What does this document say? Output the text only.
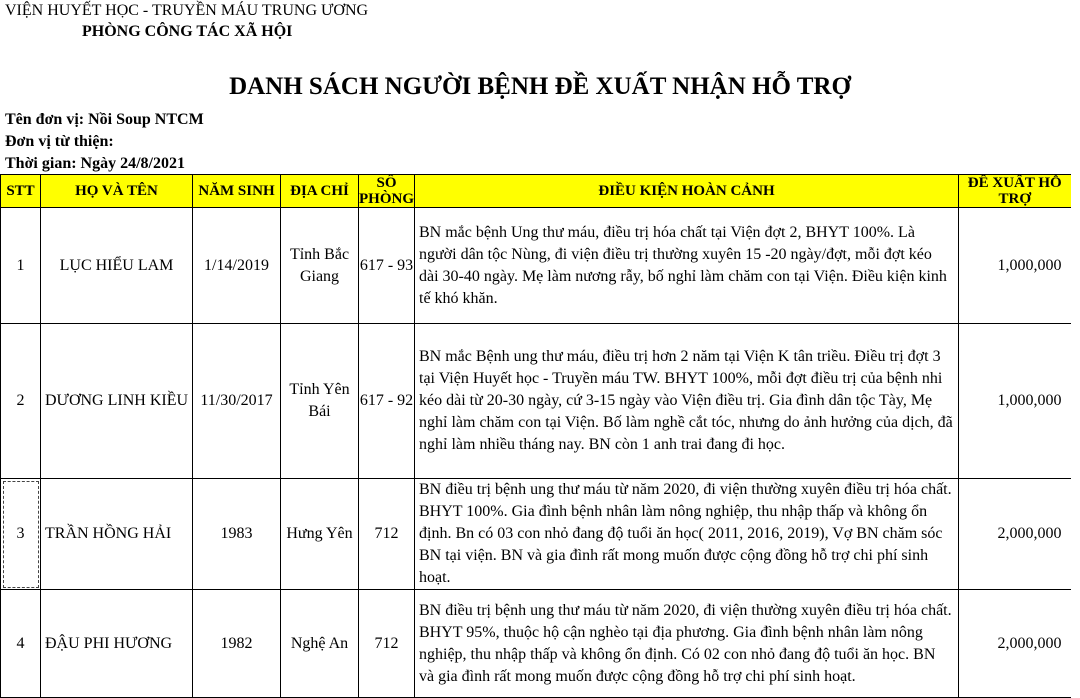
VIỆN HUYẾT HỌC - TRUYỀN MÁU TRUNG ƯƠNG
PHÒNG CÔNG TÁC XÃ HỘI
DANH SÁCH NGƯỜI BỆNH ĐỀ XUẤT NHẬN HỖ TRỢ
Tên đơn vị: Nồi Soup NTCM
Đơn vị từ thiện:
Thời gian: Ngày 24/8/2021
STT	HỌ VÀ TÊN	NĂM SINH	ĐỊA CHỈ	SỐ PHÒNG	ĐIỀU KIỆN HOÀN CẢNH	ĐỀ XUẤT HỖ TRỢ
1	LỤC HIỂU LAM	1/14/2019	Tỉnh Bắc Giang	617 - 93	BN mắc bệnh Ung thư máu, điều trị hóa chất tại Viện đợt 2, BHYT 100%. Là người dân tộc Nùng, đi viện điều trị thường xuyên 15 -20 ngày/đợt, mỗi đợt kéo dài 30-40 ngày. Mẹ làm nương rẫy, bố nghỉ làm chăm con tại Viện. Điều kiện kinh tế khó khăn.	1,000,000
2	DƯƠNG LINH KIỀU	11/30/2017	Tỉnh Yên Bái	617 - 92	BN mắc Bệnh ung thư máu, điều trị hơn 2 năm tại Viện K tân triều. Điều trị đợt 3 tại Viện Huyết học - Truyền máu TW. BHYT 100%, mỗi đợt điều trị của bệnh nhi kéo dài từ 20-30 ngày, cứ 3-15 ngày vào Viện điều trị. Gia đình dân tộc Tày, Mẹ nghỉ làm chăm con tại Viện. Bố làm nghề cắt tóc, nhưng do ảnh hưởng của dịch, đã nghỉ làm nhiều tháng nay. BN còn 1 anh trai đang đi học.	1,000,000
3	TRẦN HỒNG HẢI	1983	Hưng Yên	712	BN điều trị bệnh ung thư máu từ năm 2020, đi viện thường xuyên điều trị hóa chất. BHYT 100%. Gia đình bệnh nhân làm nông nghiệp, thu nhập thấp và không ổn định. Bn có 03 con nhỏ đang độ tuổi ăn học( 2011, 2016, 2019), Vợ BN chăm sóc BN tại viện. BN và gia đình rất mong muốn được cộng đồng hỗ trợ chi phí sinh hoạt.	2,000,000
4	ĐẬU PHI HƯƠNG	1982	Nghệ An	712	BN điều trị bệnh ung thư máu từ năm 2020, đi viện thường xuyên điều trị hóa chất. BHYT 95%, thuộc hộ cận nghèo tại địa phương. Gia đình bệnh nhân làm nông nghiệp, thu nhập thấp và không ổn định. Có 02 con nhỏ đang độ tuổi ăn học. BN và gia đình rất mong muốn được cộng đồng hỗ trợ chi phí sinh hoạt.	2,000,000
